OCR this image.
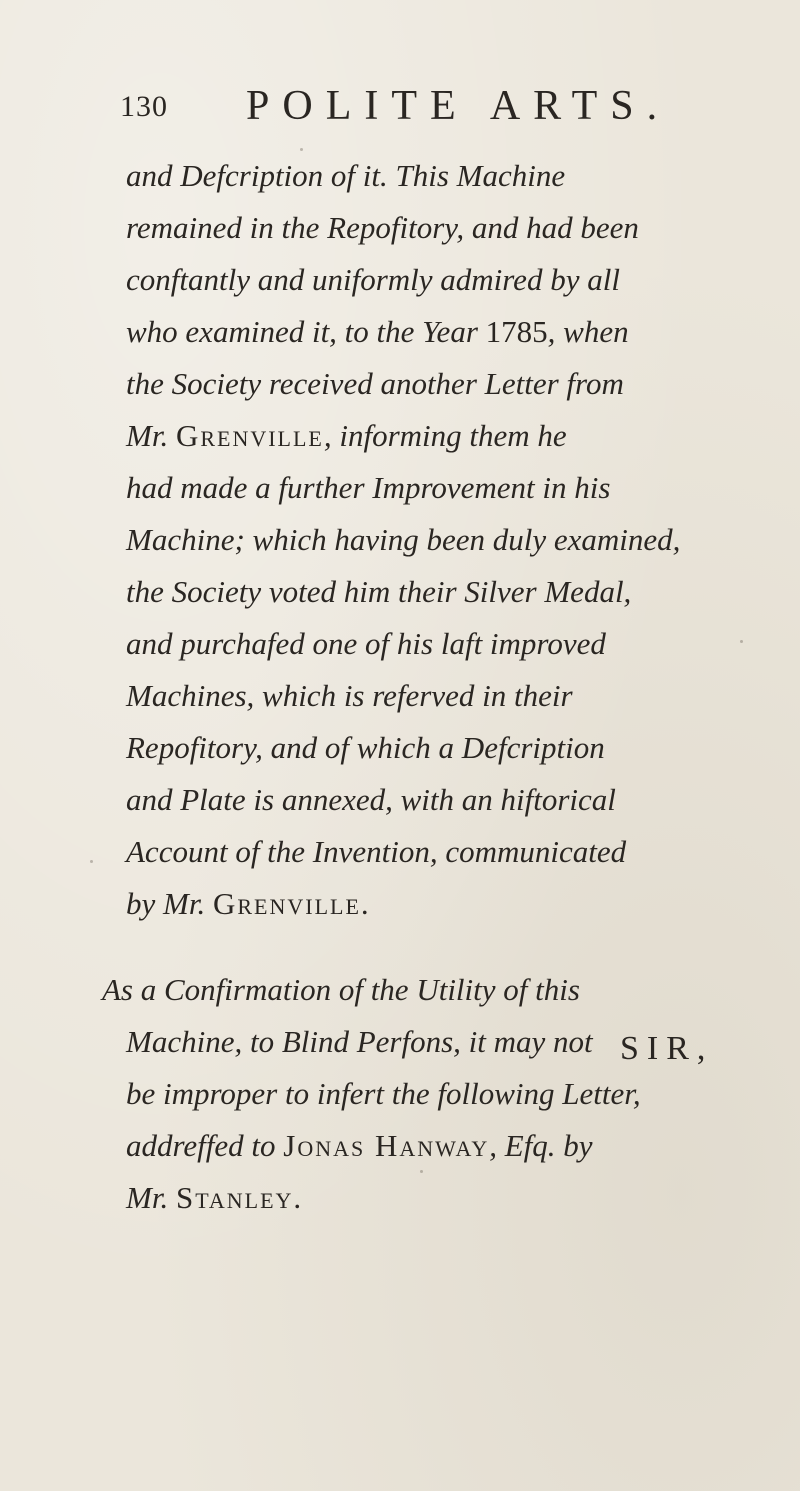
130 POLITE ARTS.
and Defcription of it. This Machine
remained in the Repofitory, and had been
conftantly and uniformly admired by all
who examined it, to the Year 1785, when
the Society received another Letter from
Mr. Grenville, informing them he
had made a further Improvement in his
Machine; which having been duly examined,
the Society voted him their Silver Medal,
and purchafed one of his laft improved
Machines, which is referved in their
Repofitory, and of which a Defcription
and Plate is annexed, with an hiftorical
Account of the Invention, communicated
by Mr. Grenville.
As a Confirmation of the Utility of this
Machine, to Blind Perfons, it may not
be improper to infert the following Letter,
addreffed to Jonas Hanway, Efq. by
Mr. Stanley.
SIR,
